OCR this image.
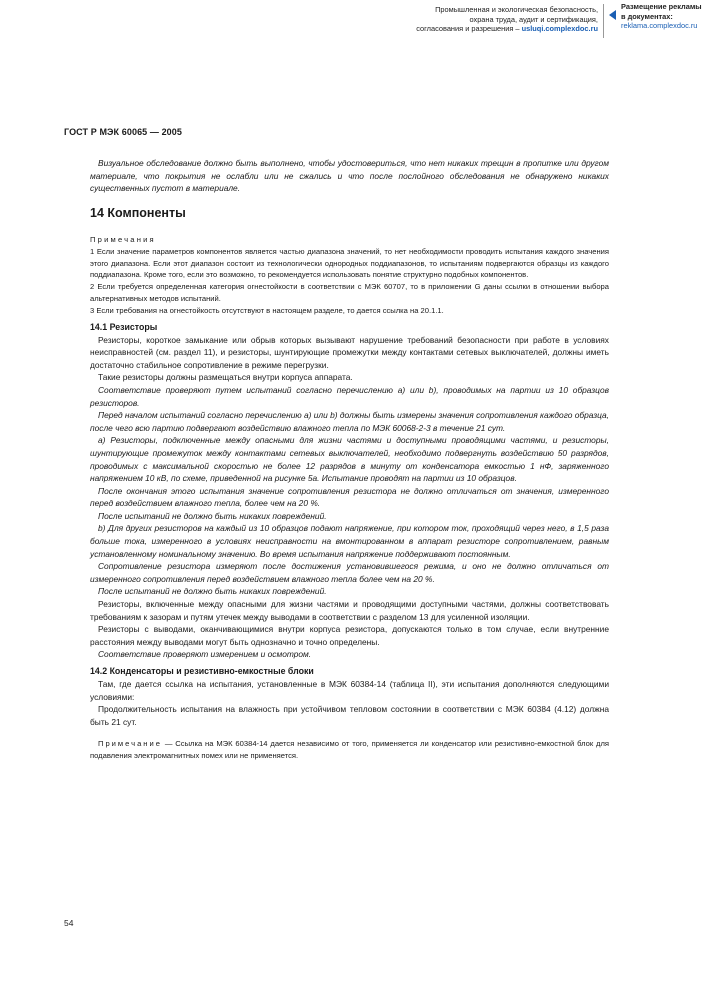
Промышленная и экологическая безопасность,
охрана труда, аудит и сертификация,
согласования и разрешения – usluqi.complexdoc.ru
Размещение рекламы
в документах:
reklama.complexdoc.ru
ГОСТ Р МЭК 60065 — 2005

Визуальное обследование должно быть выполнено, чтобы удостовериться, что нет никаких трещин в пропитке или другом материале, что покрытия не ослабли или не сжались и что после послойного обследования не обнаружено никаких существенных пустот в материале.

14 Компоненты

Примечания

1 Если значение параметров компонентов является частью диапазона значений, то нет необходимости проводить испытания каждого значения этого диапазона. Если этот диапазон состоит из технологически однородных поддиапазонов, то испытаниям подвергаются образцы из каждого поддиапазона. Кроме того, если это возможно, то рекомендуется использовать понятие структурно подобных компонентов.

2 Если требуется определенная категория огнестойкости в соответствии с МЭК 60707, то в приложении G даны ссылки в отношении выбора альтернативных методов испытаний.

3 Если требования на огнестойкость отсутствуют в настоящем разделе, то дается ссылка на 20.1.1.

14.1 Резисторы

Резисторы, короткое замыкание или обрыв которых вызывают нарушение требований безопасности при работе в условиях неисправностей (см. раздел 11), и резисторы, шунтирующие промежутки между контактами сетевых выключателей, должны иметь достаточно стабильное сопротивление в режиме перегрузки.

Такие резисторы должны размещаться внутри корпуса аппарата.

Соответствие проверяют путем испытаний согласно перечислению a) или b), проводимых на партии из 10 образцов резисторов.

Перед началом испытаний согласно перечислению a) или b) должны быть измерены значения сопротивления каждого образца, после чего всю партию подвергают воздействию влажного тепла по МЭК 60068-2-3 в течение 21 сут.

a) Резисторы, подключенные между опасными для жизни частями и доступными проводящими частями, и резисторы, шунтирующие промежуток между контактами сетевых выключателей, необходимо подвергнуть воздействию 50 разрядов, проводимых с максимальной скоростью не более 12 разрядов в минуту от конденсатора емкостью 1 нФ, заряженного напряжением 10 кВ, по схеме, приведенной на рисунке 5а. Испытание проводят на партии из 10 образцов.

После окончания этого испытания значение сопротивления резистора не должно отличаться от значения, измеренного перед воздействием влажного тепла, более чем на 20 %.

После испытаний не должно быть никаких повреждений.

b) Для других резисторов на каждый из 10 образцов подают напряжение, при котором ток, проходящий через него, в 1,5 раза больше тока, измеренного в условиях неисправности на вмонтированном в аппарат резисторе сопротивлением, равным установленному номинальному значению. Во время испытания напряжение поддерживают постоянным.

Сопротивление резистора измеряют после достижения установившегося режима, и оно не должно отличаться от измеренного сопротивления перед воздействием влажного тепла более чем на 20 %.

После испытаний не должно быть никаких повреждений.

Резисторы, включенные между опасными для жизни частями и проводящими доступными частями, должны соответствовать требованиям к зазорам и путям утечек между выводами в соответствии с разделом 13 для усиленной изоляции.

Резисторы с выводами, оканчивающимися внутри корпуса резистора, допускаются только в том случае, если внутренние расстояния между выводами могут быть однозначно и точно определены.

Соответствие проверяют измерением и осмотром.

14.2 Конденсаторы и резистивно-емкостные блоки

Там, где дается ссылка на испытания, установленные в МЭК 60384-14 (таблица II), эти испытания дополняются следующими условиями:

Продолжительность испытания на влажность при устойчивом тепловом состоянии в соответствии с МЭК 60384 (4.12) должна быть 21 сут.

Примечание — Ссылка на МЭК 60384-14 дается независимо от того, применяется ли конденсатор или резистивно-емкостной блок для подавления электромагнитных помех или не применяется.

54
